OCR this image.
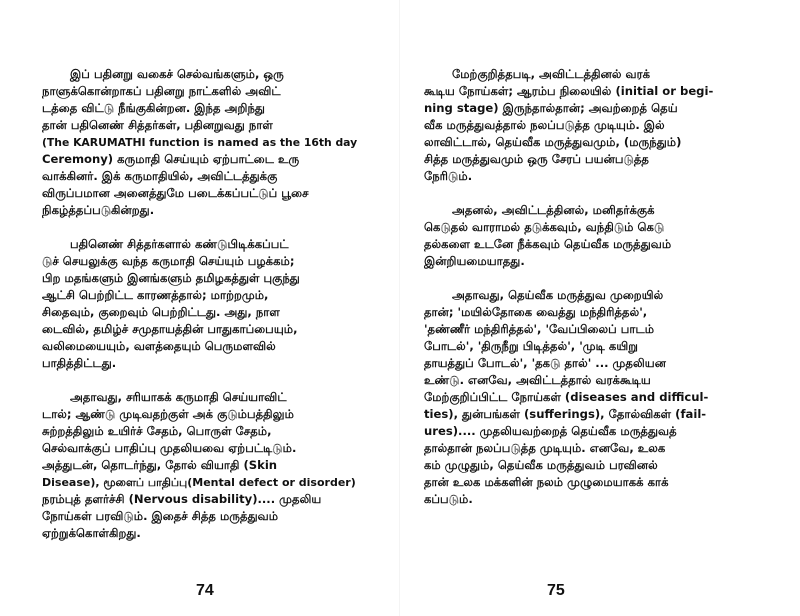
இப் பதினறு வகைச் செல்வங்களும், ஒரு
நாளுக்கொன்றாகப் பதினறு நாட்களில் அவிட்
டத்தை விட்டு நீங்குகின்றன. இந்த அறிந்து
தான் பதினெண் சித்தர்கள், பதினறுவது நாள்
(The KARUMATHI function is named as the 16th day
Ceremony) கருமாதி செய்யும் ஏற்பாட்டை உரு
வாக்கினர். இக் கருமாதியில், அவிட்டத்துக்கு
விருப்பமான அனைத்துமே படைக்கப்பட்டுப் பூசை
நிகழ்த்தப்படுகின்றது.
பதினெண் சித்தர்களால் கண்டுபிடிக்கப்பட்
டுச் செயலுக்கு வந்த கருமாதி செய்யும் பழக்கம்;
பிற மதங்களும் இனங்களும் தமிழகத்துள் புகுந்து
ஆட்சி பெற்றிட்ட காரணத்தால்; மாற்றமும்,
சிதைவும், குறைவும் பெற்றிட்டது. அது, நாள
டைவில், தமிழ்ச் சமுதாயத்தின் பாதுகாப்பையும்,
வலிமையையும், வளத்தையும் பெருமளவில்
பாதித்திட்டது.
அதாவது, சரியாகக் கருமாதி செய்யாவிட்
டால்; ஆண்டு முடிவதற்குள் அக் குடும்பத்திலும்
சுற்றத்திலும் உயிர்ச் சேதம், பொருள் சேதம்,
செல்வாக்குப் பாதிப்பு முதலியவை ஏற்பட்டிடும்.
அத்துடன், தொடர்ந்து, தோல் வியாதி (Skin
Disease), மூளைப் பாதிப்பு(Mental defect or disorder)
நரம்புத் தளர்ச்சி (Nervous disability).... முதலிய
நோய்கள் பரவிடும். இதைச் சித்த மருத்துவம்
ஏற்றுக்கொள்கிறது.
74
மேற்குறித்தபடி, அவிட்டத்தினல் வரக்
கூடிய நோய்கள்; ஆரம்ப நிலையில் (initial or begi-
ning stage) இருந்தால்தான்; அவற்றைத் தெய்
வீக மருத்துவத்தால் நலப்படுத்த முடியும். இல்
லாவிட்டால், தெய்வீக மருத்துவமும், (மருந்தும்)
சித்த மருத்துவமும் ஒரு சேரப் பயன்படுத்த
நேரிடும்.
அதனல், அவிட்டத்தினல், மனிதர்க்குக்
கெடுதல் வாராமல் தடுக்கவும், வந்திடும் கெடு
தல்களை உடனே நீக்கவும் தெய்வீக மருத்துவம்
இன்றியமையாதது.
அதாவது, தெய்வீக மருத்துவ முறையில்
தான்; 'மயில்தோகை வைத்து மந்திரித்தல்',
'தண்ணீர் மந்திரித்தல்', 'வேப்பிலைப் பாடம்
போடல்', 'திருநீறு பிடித்தல்', 'முடி கயிறு
தாயத்துப் போடல்', 'தகடு தால்' ... முதலியன
உண்டு. எனவே, அவிட்டத்தால் வரக்கூடிய
மேற்குறிப்பிட்ட நோய்கள் (diseases and difficul-
ties), துன்பங்கள் (sufferings), தோல்விகள் (fail-
ures).... முதலியவற்றைத் தெய்வீக மருத்துவத்
தால்தான் நலப்படுத்த முடியும். எனவே, உலக
கம் முழுதும், தெய்வீக மருத்துவம் பரவினல்
தான் உலக மக்களின் நலம் முழுமையாகக் காக்
கப்படும்.
75
